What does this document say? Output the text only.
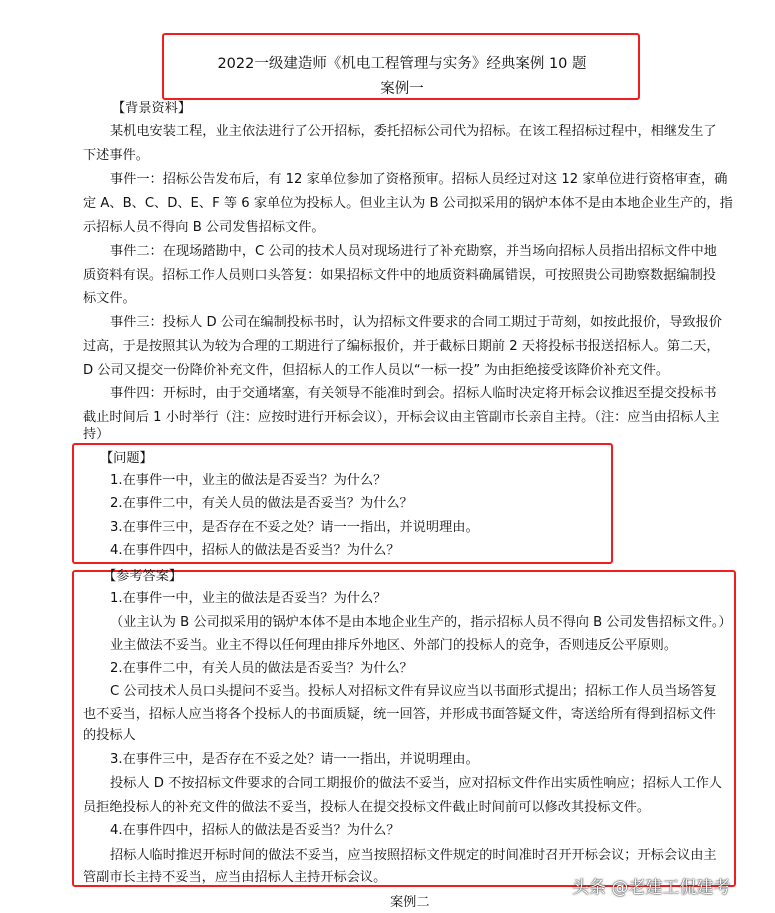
2022一级建造师《机电工程管理与实务》经典案例 10 题
案例一
【背景资料】
某机电安装工程，业主依法进行了公开招标，委托招标公司代为招标。在该工程招标过程中，相继发生了
下述事件。
事件一：招标公告发布后，有 12 家单位参加了资格预审。招标人员经过对这 12 家单位进行资格审查，确
定 A、B、C、D、E、F 等 6 家单位为投标人。但业主认为 B 公司拟采用的锅炉本体不是由本地企业生产的，指
示招标人员不得向 B 公司发售招标文件。
事件二：在现场踏勘中，C 公司的技术人员对现场进行了补充勘察，并当场向招标人员指出招标文件中地
质资料有误。招标工作人员则口头答复：如果招标文件中的地质资料确属错误，可按照贵公司勘察数据编制投
标文件。
事件三：投标人 D 公司在编制投标书时，认为招标文件要求的合同工期过于苛刻，如按此报价，导致报价
过高，于是按照其认为较为合理的工期进行了编标报价，并于截标日期前 2 天将投标书报送招标人。第二天，
D 公司又提交一份降价补充文件，但招标人的工作人员以“一标一投” 为由拒绝接受该降价补充文件。
事件四：开标时，由于交通堵塞，有关领导不能准时到会。招标人临时决定将开标会议推迟至提交投标书
截止时间后 1 小时举行（注：应按时进行开标会议），开标会议由主管副市长亲自主持。（注：应当由招标人主
持）
【问题】
1.在事件一中，业主的做法是否妥当？为什么？
2.在事件二中，有关人员的做法是否妥当？为什么？
3.在事件三中，是否存在不妥之处？请一一指出，并说明理由。
4.在事件四中，招标人的做法是否妥当？为什么？
【参考答案】
1.在事件一中，业主的做法是否妥当？为什么？
（业主认为 B 公司拟采用的锅炉本体不是由本地企业生产的，指示招标人员不得向 B 公司发售招标文件。）
业主做法不妥当。业主不得以任何理由排斥外地区、外部门的投标人的竞争，否则违反公平原则。
2.在事件二中，有关人员的做法是否妥当？为什么？
C 公司技术人员口头提问不妥当。投标人对招标文件有异议应当以书面形式提出；招标工作人员当场答复
也不妥当，招标人应当将各个投标人的书面质疑，统一回答，并形成书面答疑文件，寄送给所有得到招标文件
的投标人
3.在事件三中，是否存在不妥之处？请一一指出，并说明理由。
投标人 D 不按招标文件要求的合同工期报价的做法不妥当，应对招标文件作出实质性响应；招标人工作人
员拒绝投标人的补充文件的做法不妥当，投标人在提交投标文件截止时间前可以修改其投标文件。
4.在事件四中，招标人的做法是否妥当？为什么？
招标人临时推迟开标时间的做法不妥当，应当按照招标文件规定的时间准时召开开标会议；开标会议由主
管副市长主持不妥当，应当由招标人主持开标会议。
案例二
头条 @老建工侃建考
